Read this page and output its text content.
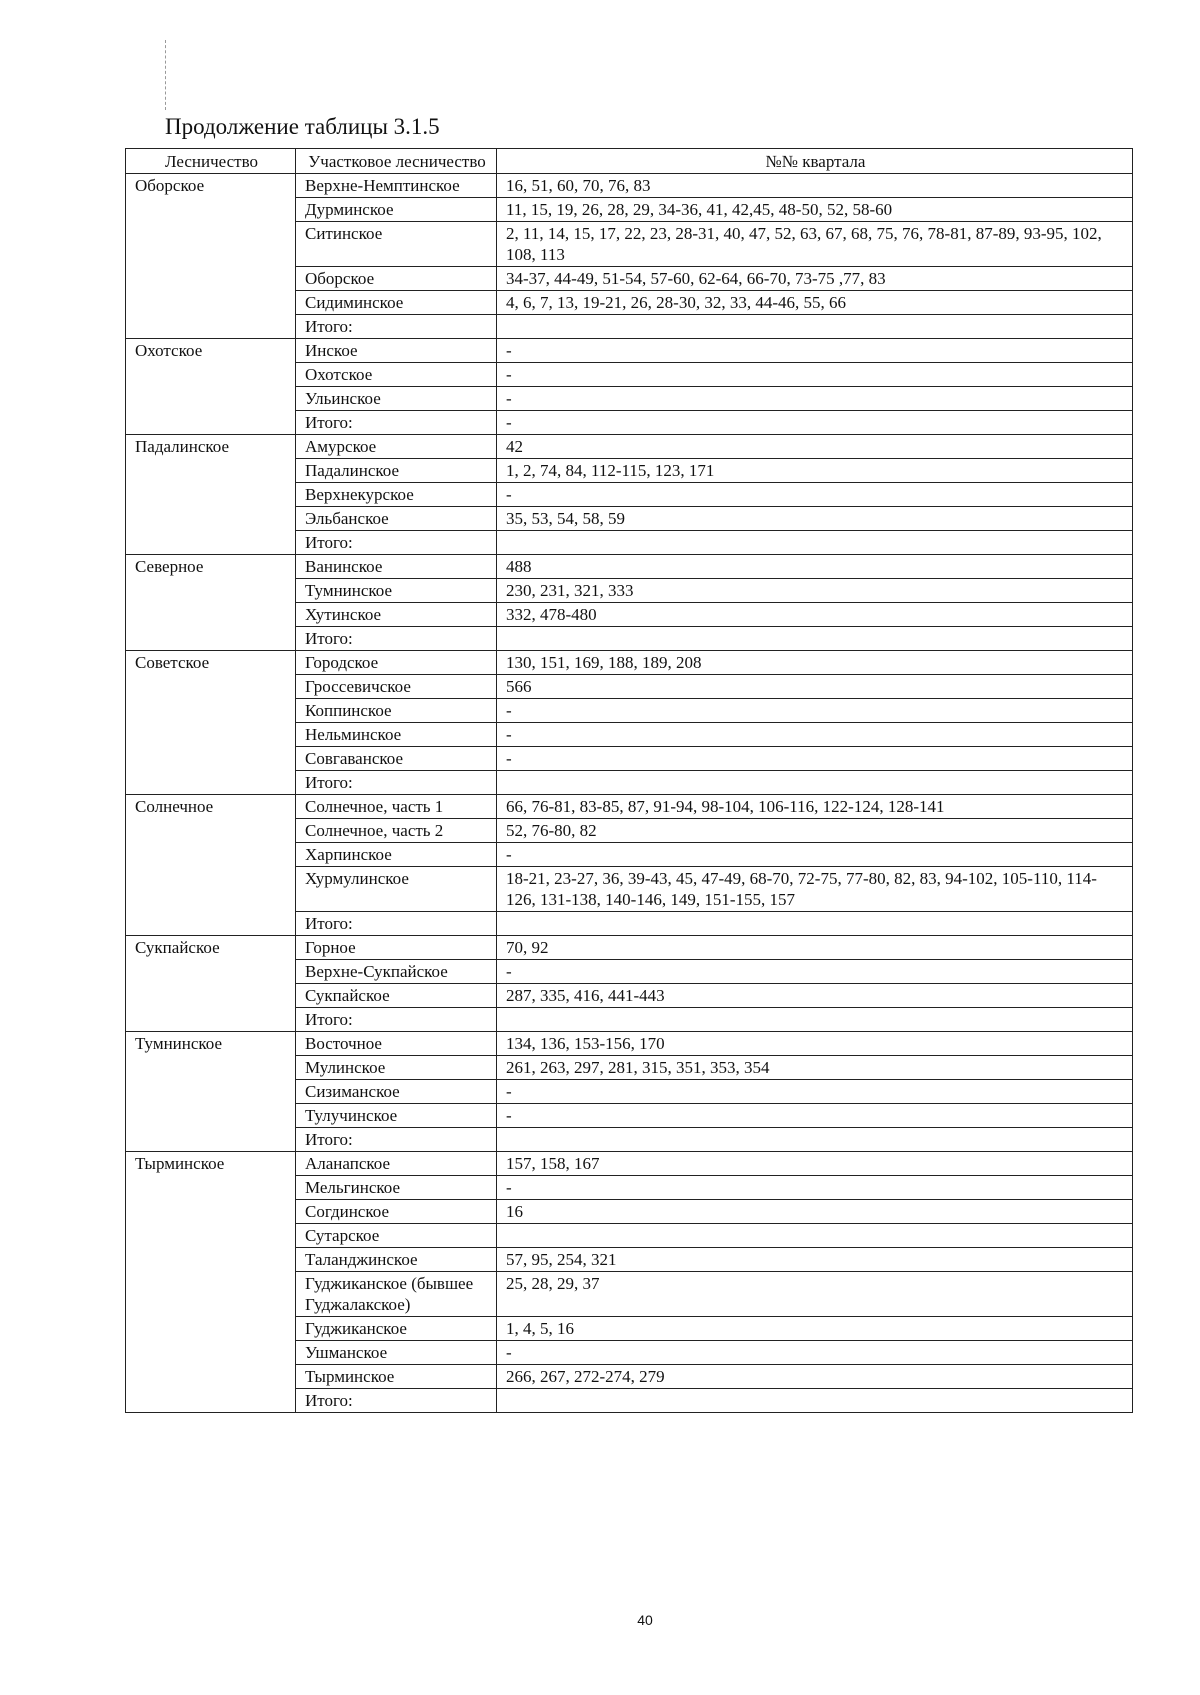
Продолжение таблицы 3.1.5
Лесничество	Участковое лесничество	№№ квартала
Оборское	Верхне-Немптинское	16, 51, 60, 70, 76, 83
	Дурминское	11, 15, 19, 26, 28, 29, 34-36, 41, 42,45, 48-50, 52, 58-60
	Ситинское	2, 11, 14, 15, 17, 22, 23, 28-31, 40, 47, 52, 63, 67, 68, 75, 76, 78-81, 87-89, 93-95, 102, 108, 113
	Оборское	34-37, 44-49, 51-54, 57-60, 62-64, 66-70, 73-75 ,77, 83
	Сидиминское	4, 6, 7, 13, 19-21, 26, 28-30, 32, 33, 44-46, 55, 66
	Итого:	
Охотское	Инское	-
	Охотское	-
	Ульинское	-
	Итого:	-
Падалинское	Амурское	42
	Падалинское	1, 2, 74, 84, 112-115, 123, 171
	Верхнекурское	-
	Эльбанское	35, 53, 54, 58, 59
	Итого:	
Северное	Ванинское	488
	Тумнинское	230, 231, 321, 333
	Хутинское	332, 478-480
	Итого:	
Советское	Городское	130, 151, 169, 188, 189, 208
	Гроссевичское	566
	Коппинское	-
	Нельминское	-
	Совгаванское	-
	Итого:	
Солнечное	Солнечное, часть 1	66, 76-81, 83-85, 87, 91-94, 98-104, 106-116, 122-124, 128-141
	Солнечное, часть 2	52, 76-80, 82
	Харпинское	-
	Хурмулинское	18-21, 23-27, 36, 39-43, 45, 47-49, 68-70, 72-75, 77-80, 82, 83, 94-102, 105-110, 114-126, 131-138, 140-146, 149, 151-155, 157
	Итого:	
Сукпайское	Горное	70, 92
	Верхне-Сукпайское	-
	Сукпайское	287, 335, 416, 441-443
	Итого:	
Тумнинское	Восточное	134, 136, 153-156, 170
	Мулинское	261, 263, 297, 281, 315, 351, 353, 354
	Сизиманское	-
	Тулучинское	-
	Итого:	
Тырминское	Аланапское	157, 158, 167
	Мельгинское	-
	Согдинское	16
	Сутарское	
	Таланджинское	57, 95, 254, 321
	Гуджиканское (бывшее Гуджалакское)	25, 28, 29, 37
	Гуджиканское	1, 4, 5, 16
	Ушманское	-
	Тырминское	266, 267, 272-274, 279
	Итого:	
40
